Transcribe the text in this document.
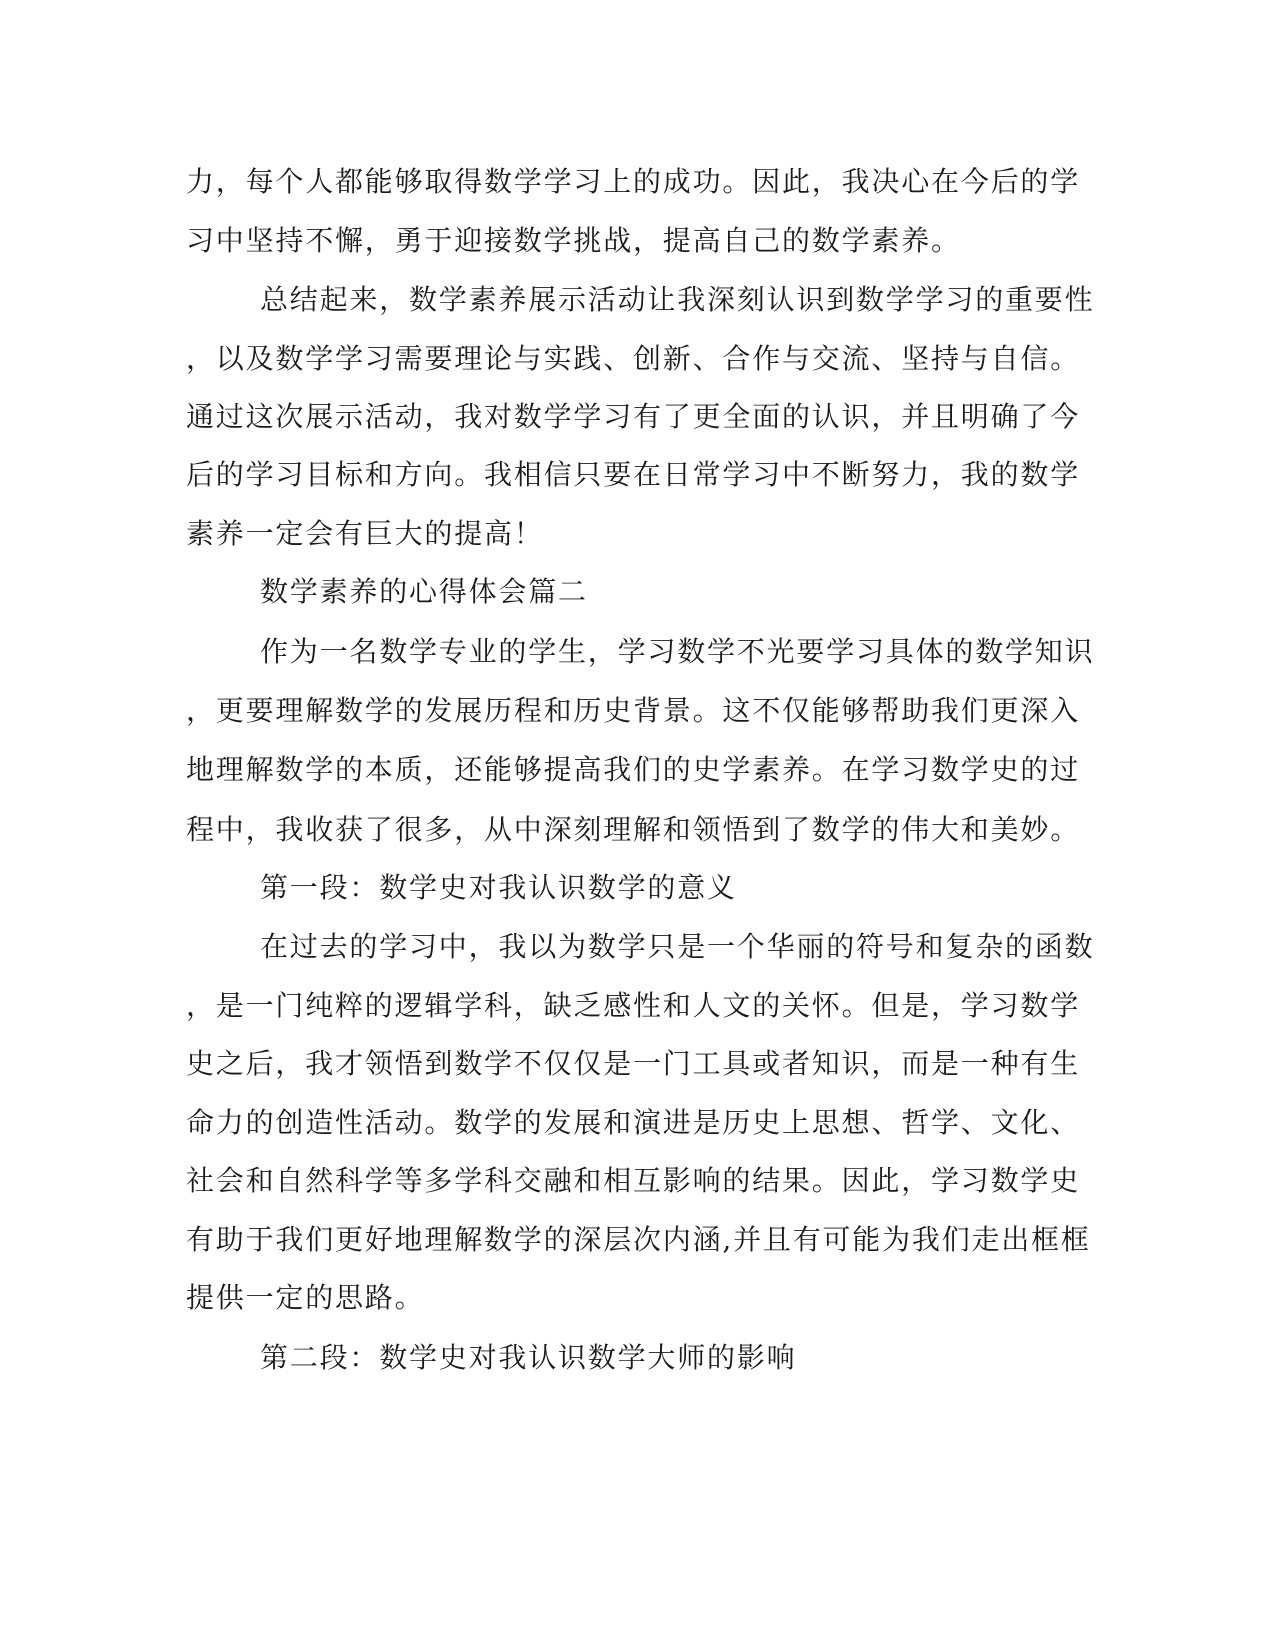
力，每个人都能够取得数学学习上的成功。因此，我决心在今后的学
习中坚持不懈，勇于迎接数学挑战，提高自己的数学素养。
总结起来，数学素养展示活动让我深刻认识到数学学习的重要性
，以及数学学习需要理论与实践、创新、合作与交流、坚持与自信。
通过这次展示活动，我对数学学习有了更全面的认识，并且明确了今
后的学习目标和方向。我相信只要在日常学习中不断努力，我的数学
素养一定会有巨大的提高！
数学素养的心得体会篇二
作为一名数学专业的学生，学习数学不光要学习具体的数学知识
，更要理解数学的发展历程和历史背景。这不仅能够帮助我们更深入
地理解数学的本质，还能够提高我们的史学素养。在学习数学史的过
程中，我收获了很多，从中深刻理解和领悟到了数学的伟大和美妙。
第一段：数学史对我认识数学的意义
在过去的学习中，我以为数学只是一个华丽的符号和复杂的函数
，是一门纯粹的逻辑学科，缺乏感性和人文的关怀。但是，学习数学
史之后，我才领悟到数学不仅仅是一门工具或者知识，而是一种有生
命力的创造性活动。数学的发展和演进是历史上思想、哲学、文化、
社会和自然科学等多学科交融和相互影响的结果。因此，学习数学史
有助于我们更好地理解数学的深层次内涵,并且有可能为我们走出框框
提供一定的思路。
第二段：数学史对我认识数学大师的影响
